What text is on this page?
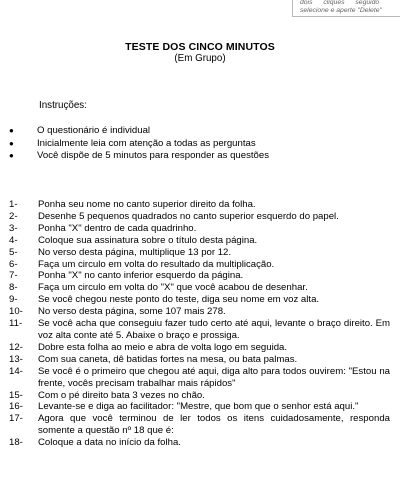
dois cliques seguido
selecione e aperte "Delete"
TESTE DOS CINCO MINUTOS
(Em Grupo)
Instruções:
● O questionário é individual
● Inicialmente leia com atenção a todas as perguntas
● Você dispõe de 5 minutos para responder as questões
1- Ponha seu nome no canto superior direito da folha.
2- Desenhe 5 pequenos quadrados no canto superior esquerdo do papel.
3- Ponha "X" dentro de cada quadrinho.
4- Coloque sua assinatura sobre o título desta página.
5- No verso desta página, multiplique 13 por 12.
6- Faça um circulo em volta do resultado da multiplicação.
7- Ponha "X" no canto inferior esquerdo da página.
8- Faça um circulo em volta do "X" que você acabou de desenhar.
9- Se você chegou neste ponto do teste, diga seu nome em voz alta.
10- No verso desta página, some 107 mais 278.
11- Se você acha que conseguiu fazer tudo certo até aqui, levante o braço direito. Em voz alta conte até 5. Abaixe o braço e prossiga.
12- Dobre esta folha ao meio e abra de volta logo em seguida.
13- Com sua caneta, dê batidas fortes na mesa, ou bata palmas.
14- Se você é o primeiro que chegou até aqui, diga alto para todos ouvirem: "Estou na frente, vocês precisam trabalhar mais rápidos"
15- Com o pé direito bata 3 vezes no chão.
16- Levante-se e diga ao facilitador: "Mestre, que bom que o senhor está aqui."
17- Agora que você terminou de ler todos os itens cuidadosamente, responda somente a questão nº 18 que é:
18- Coloque a data no início da folha.
